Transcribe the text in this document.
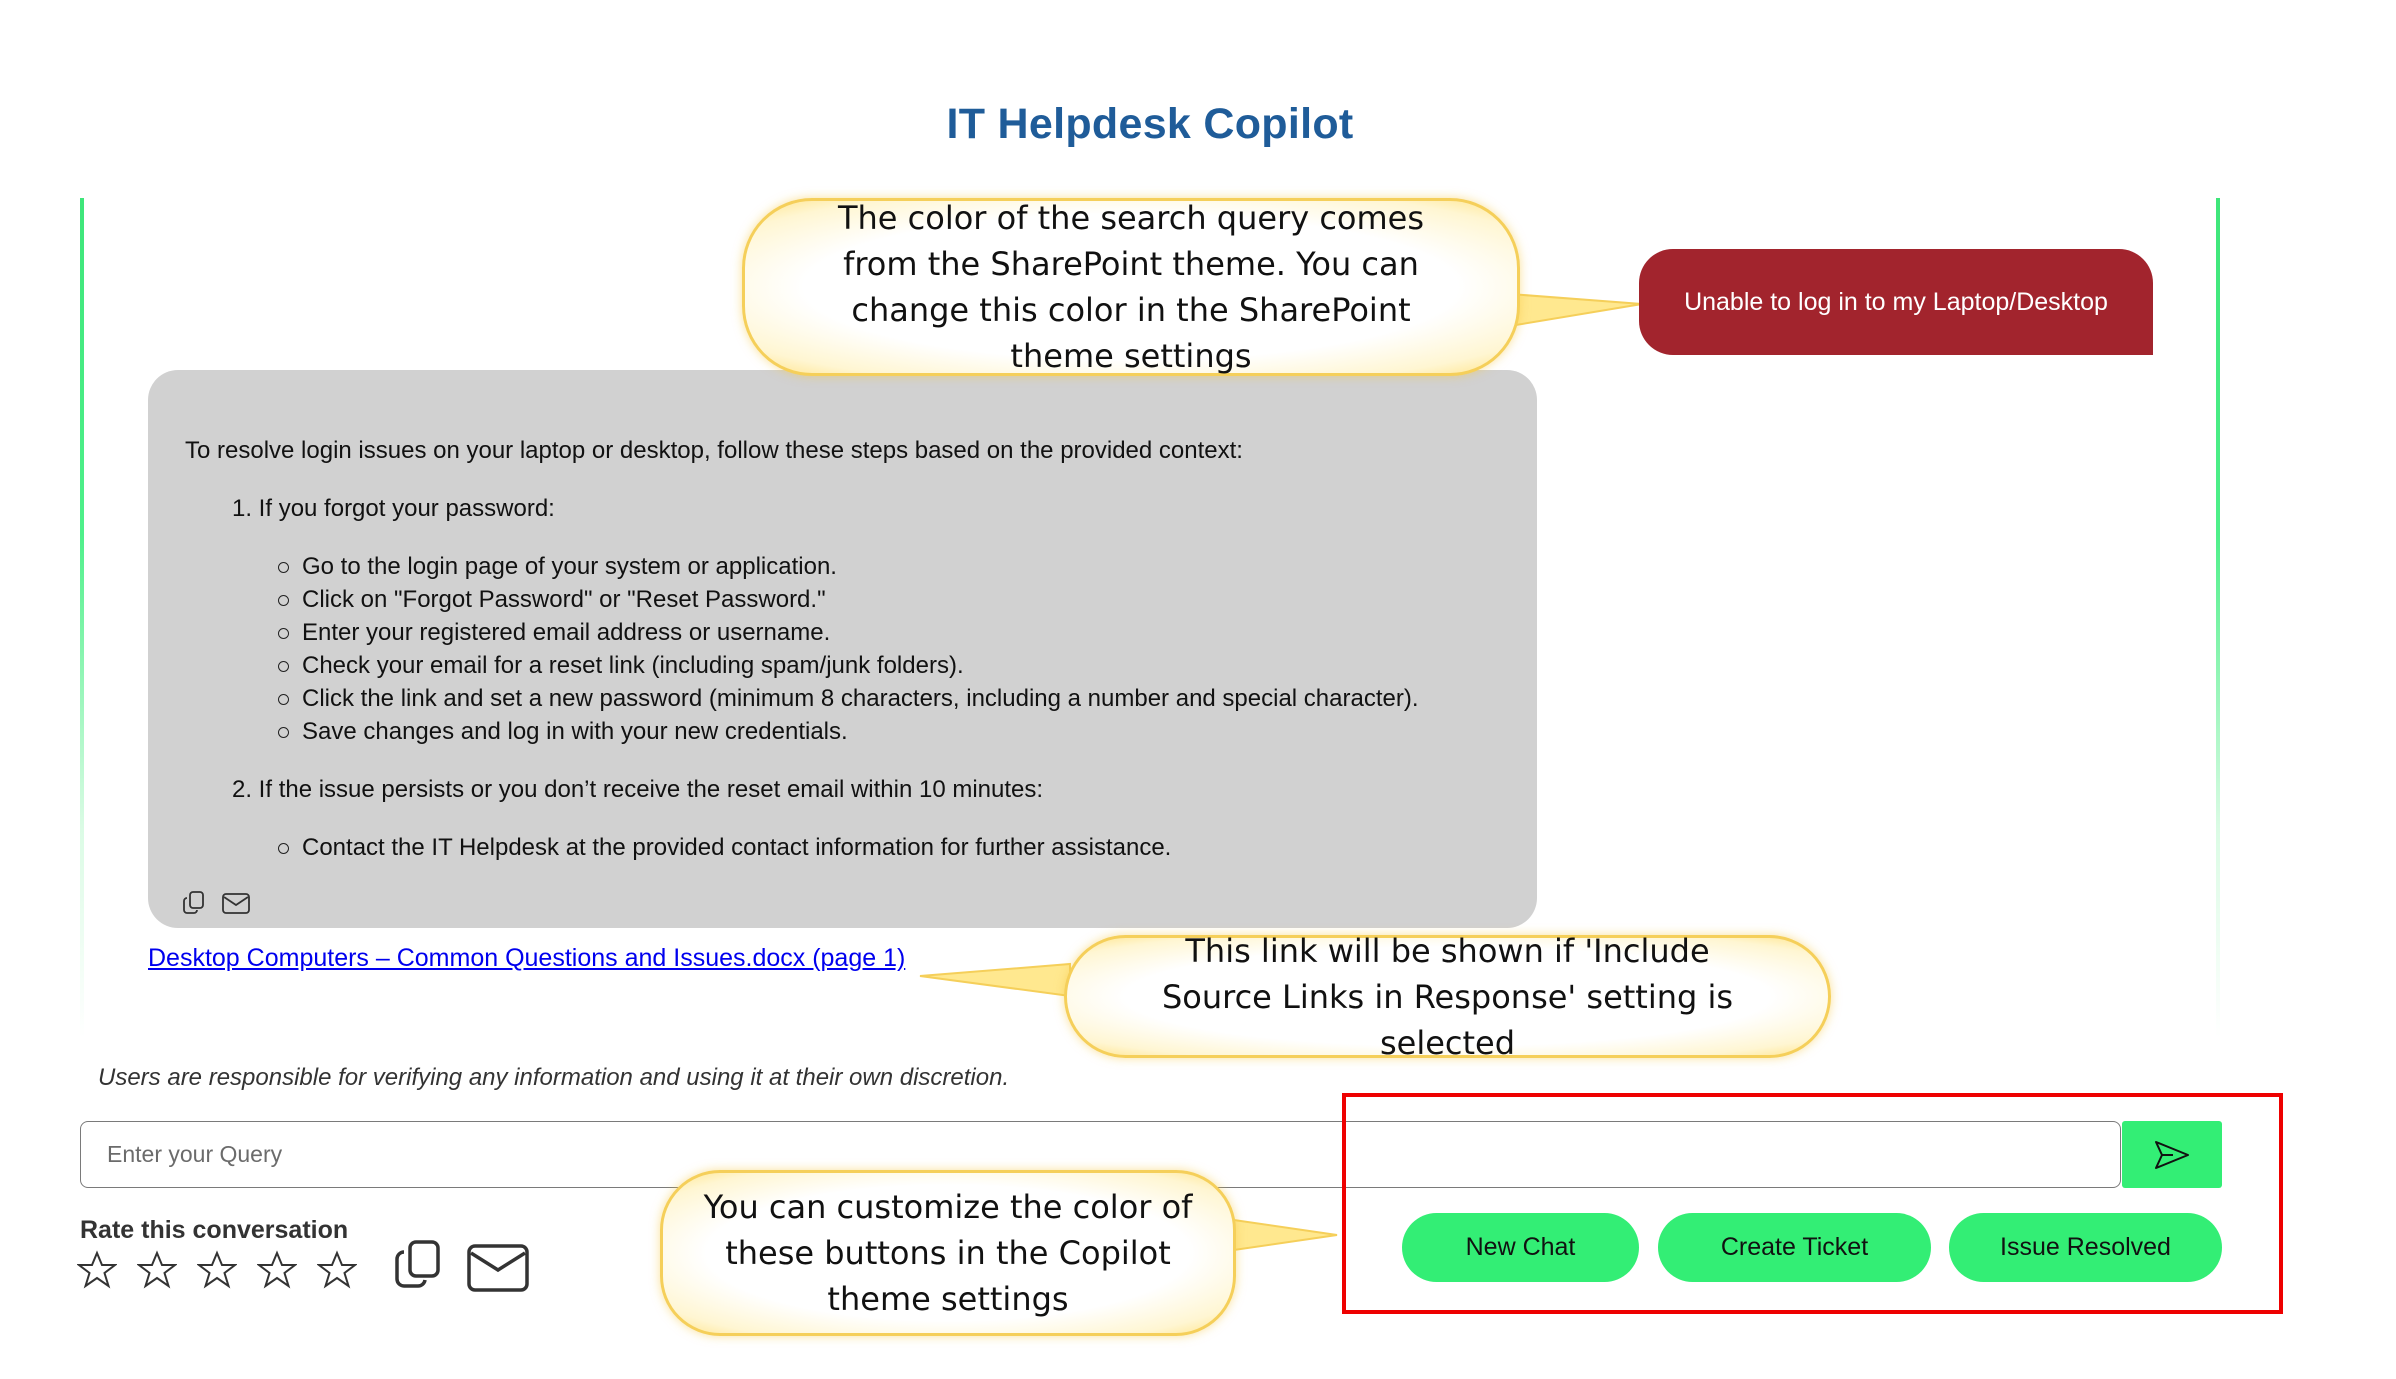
IT Helpdesk Copilot
The color of the search query comes from the SharePoint theme. You can change this color in the SharePoint theme settings
Unable to log in to my Laptop/Desktop
To resolve login issues on your laptop or desktop, follow these steps based on the provided context:
1. If you forgot your password:
Go to the login page of your system or application.
Click on "Forgot Password" or "Reset Password."
Enter your registered email address or username.
Check your email for a reset link (including spam/junk folders).
Click the link and set a new password (minimum 8 characters, including a number and special character).
Save changes and log in with your new credentials.
2. If the issue persists or you don’t receive the reset email within 10 minutes:
Contact the IT Helpdesk at the provided contact information for further assistance.
Desktop Computers – Common Questions and Issues.docx (page 1)	This link will be shown if 'Include Source Links in Response' setting is selected
Users are responsible for verifying any information and using it at their own discretion.
Enter your Query
New Chat	Create Ticket	Issue Resolved
You can customize the color of these buttons in the Copilot theme settings
Rate this conversation
